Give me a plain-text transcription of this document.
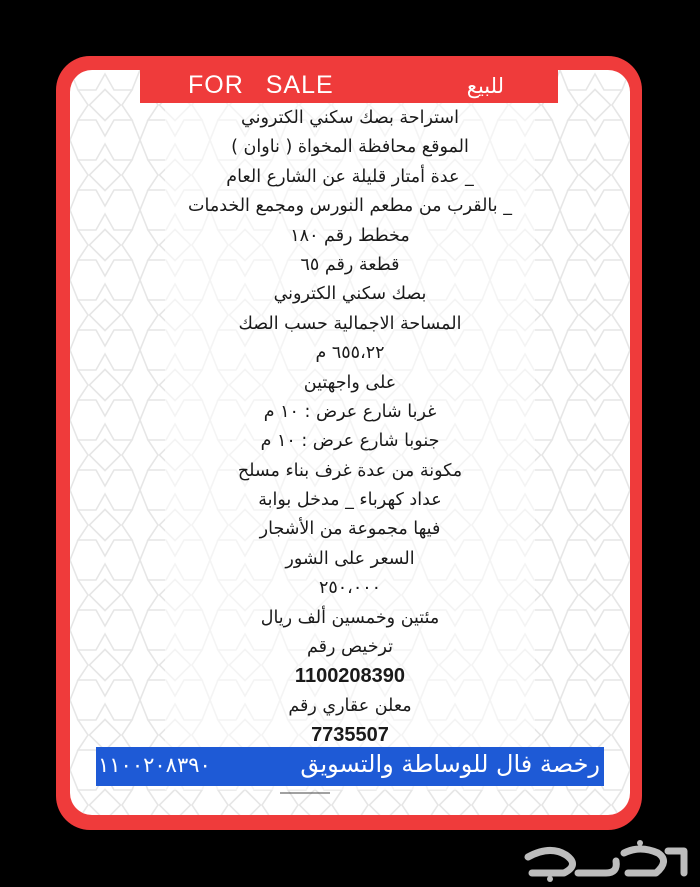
FOR SALE	للبيع
استراحة بصك سكني الكتروني
الموقع محافظة المخواة ( ناوان )
_ عدة أمتار قليلة عن الشارع العام
_ بالقرب من مطعم النورس ومجمع الخدمات
مخطط رقم ١٨٠
قطعة رقم ٦٥
بصك سكني الكتروني
المساحة الاجمالية حسب الصك
٦٥٥،٢٢ م
على واجهتين
غربا شارع عرض : ١٠ م
جنوبا شارع عرض : ١٠ م
مكونة من عدة غرف بناء مسلح
عداد كهرباء _ مدخل بوابة
فيها مجموعة من الأشجار
السعر على الشور
٢٥٠،٠٠٠
مئتين وخمسين ألف ريال
ترخيص رقم
1100208390
معلن عقاري رقم
7735507
رخصة فال للوساطة والتسويق
١١٠٠٢٠٨٣٩٠
